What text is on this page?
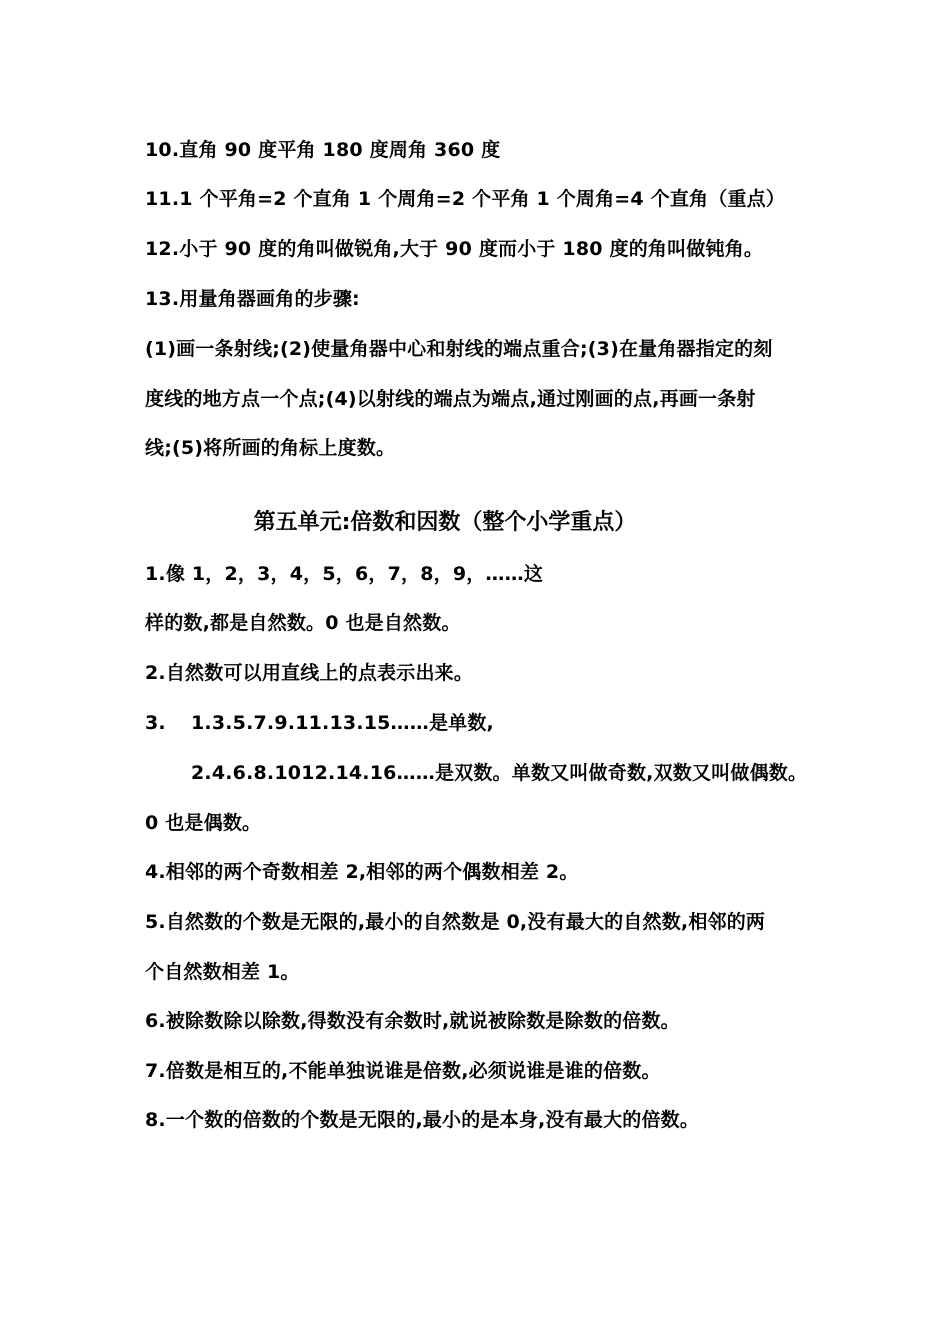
10.直角 90 度平角 180 度周角 360 度
11.1 个平角=2 个直角 1 个周角=2 个平角 1 个周角=4 个直角（重点）
12.小于 90 度的角叫做锐角,大于 90 度而小于 180 度的角叫做钝角。
13.用量角器画角的步骤:
(1)画一条射线;(2)使量角器中心和射线的端点重合;(3)在量角器指定的刻
度线的地方点一个点;(4)以射线的端点为端点,通过刚画的点,再画一条射
线;(5)将所画的角标上度数。
第五单元:倍数和因数（整个小学重点）
1.像 1，2，3，4，5，6，7，8，9，……这
样的数,都是自然数。0 也是自然数。
2.自然数可以用直线上的点表示出来。
3. 1.3.5.7.9.11.13.15……是单数,
2.4.6.8.1012.14.16……是双数。单数又叫做奇数,双数又叫做偶数。
0 也是偶数。
4.相邻的两个奇数相差 2,相邻的两个偶数相差 2。
5.自然数的个数是无限的,最小的自然数是 0,没有最大的自然数,相邻的两
个自然数相差 1。
6.被除数除以除数,得数没有余数时,就说被除数是除数的倍数。
7.倍数是相互的,不能单独说谁是倍数,必须说谁是谁的倍数。
8.一个数的倍数的个数是无限的,最小的是本身,没有最大的倍数。
